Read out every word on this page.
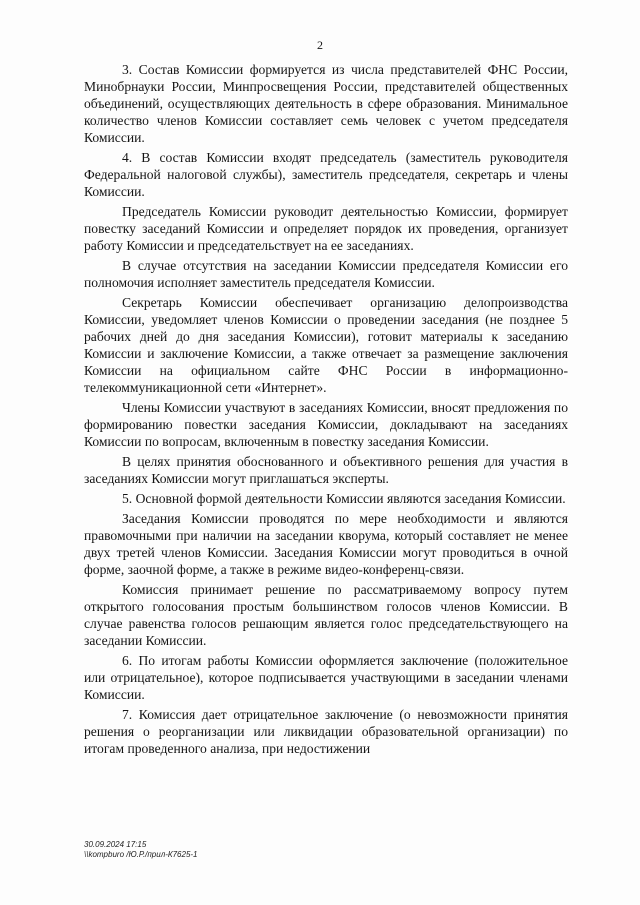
2

3. Состав Комиссии формируется из числа представителей ФНС России, Минобрнауки России, Минпросвещения России, представителей общественных объединений, осуществляющих деятельность в сфере образования. Минимальное количество членов Комиссии составляет семь человек с учетом председателя Комиссии.

4. В состав Комиссии входят председатель (заместитель руководителя Федеральной налоговой службы), заместитель председателя, секретарь и члены Комиссии.

Председатель Комиссии руководит деятельностью Комиссии, формирует повестку заседаний Комиссии и определяет порядок их проведения, организует работу Комиссии и председательствует на ее заседаниях.

В случае отсутствия на заседании Комиссии председателя Комиссии его полномочия исполняет заместитель председателя Комиссии.

Секретарь Комиссии обеспечивает организацию делопроизводства Комиссии, уведомляет членов Комиссии о проведении заседания (не позднее 5 рабочих дней до дня заседания Комиссии), готовит материалы к заседанию Комиссии и заключение Комиссии, а также отвечает за размещение заключения Комиссии на официальном сайте ФНС России в информационно-телекоммуникационной сети «Интернет».

Члены Комиссии участвуют в заседаниях Комиссии, вносят предложения по формированию повестки заседания Комиссии, докладывают на заседаниях Комиссии по вопросам, включенным в повестку заседания Комиссии.

В целях принятия обоснованного и объективного решения для участия в заседаниях Комиссии могут приглашаться эксперты.

5. Основной формой деятельности Комиссии являются заседания Комиссии.

Заседания Комиссии проводятся по мере необходимости и являются правомочными при наличии на заседании кворума, который составляет не менее двух третей членов Комиссии. Заседания Комиссии могут проводиться в очной форме, заочной форме, а также в режиме видео-конференц-связи.

Комиссия принимает решение по рассматриваемому вопросу путем открытого голосования простым большинством голосов членов Комиссии. В случае равенства голосов решающим является голос председательствующего на заседании Комиссии.

6. По итогам работы Комиссии оформляется заключение (положительное или отрицательное), которое подписывается участвующими в заседании членами Комиссии.

7. Комиссия дает отрицательное заключение (о невозможности принятия решения о реорганизации или ликвидации образовательной организации) по итогам проведенного анализа, при недостижении

30.09.2024 17:15
\\kompburo /Ю.Р./прил-К7625-1
